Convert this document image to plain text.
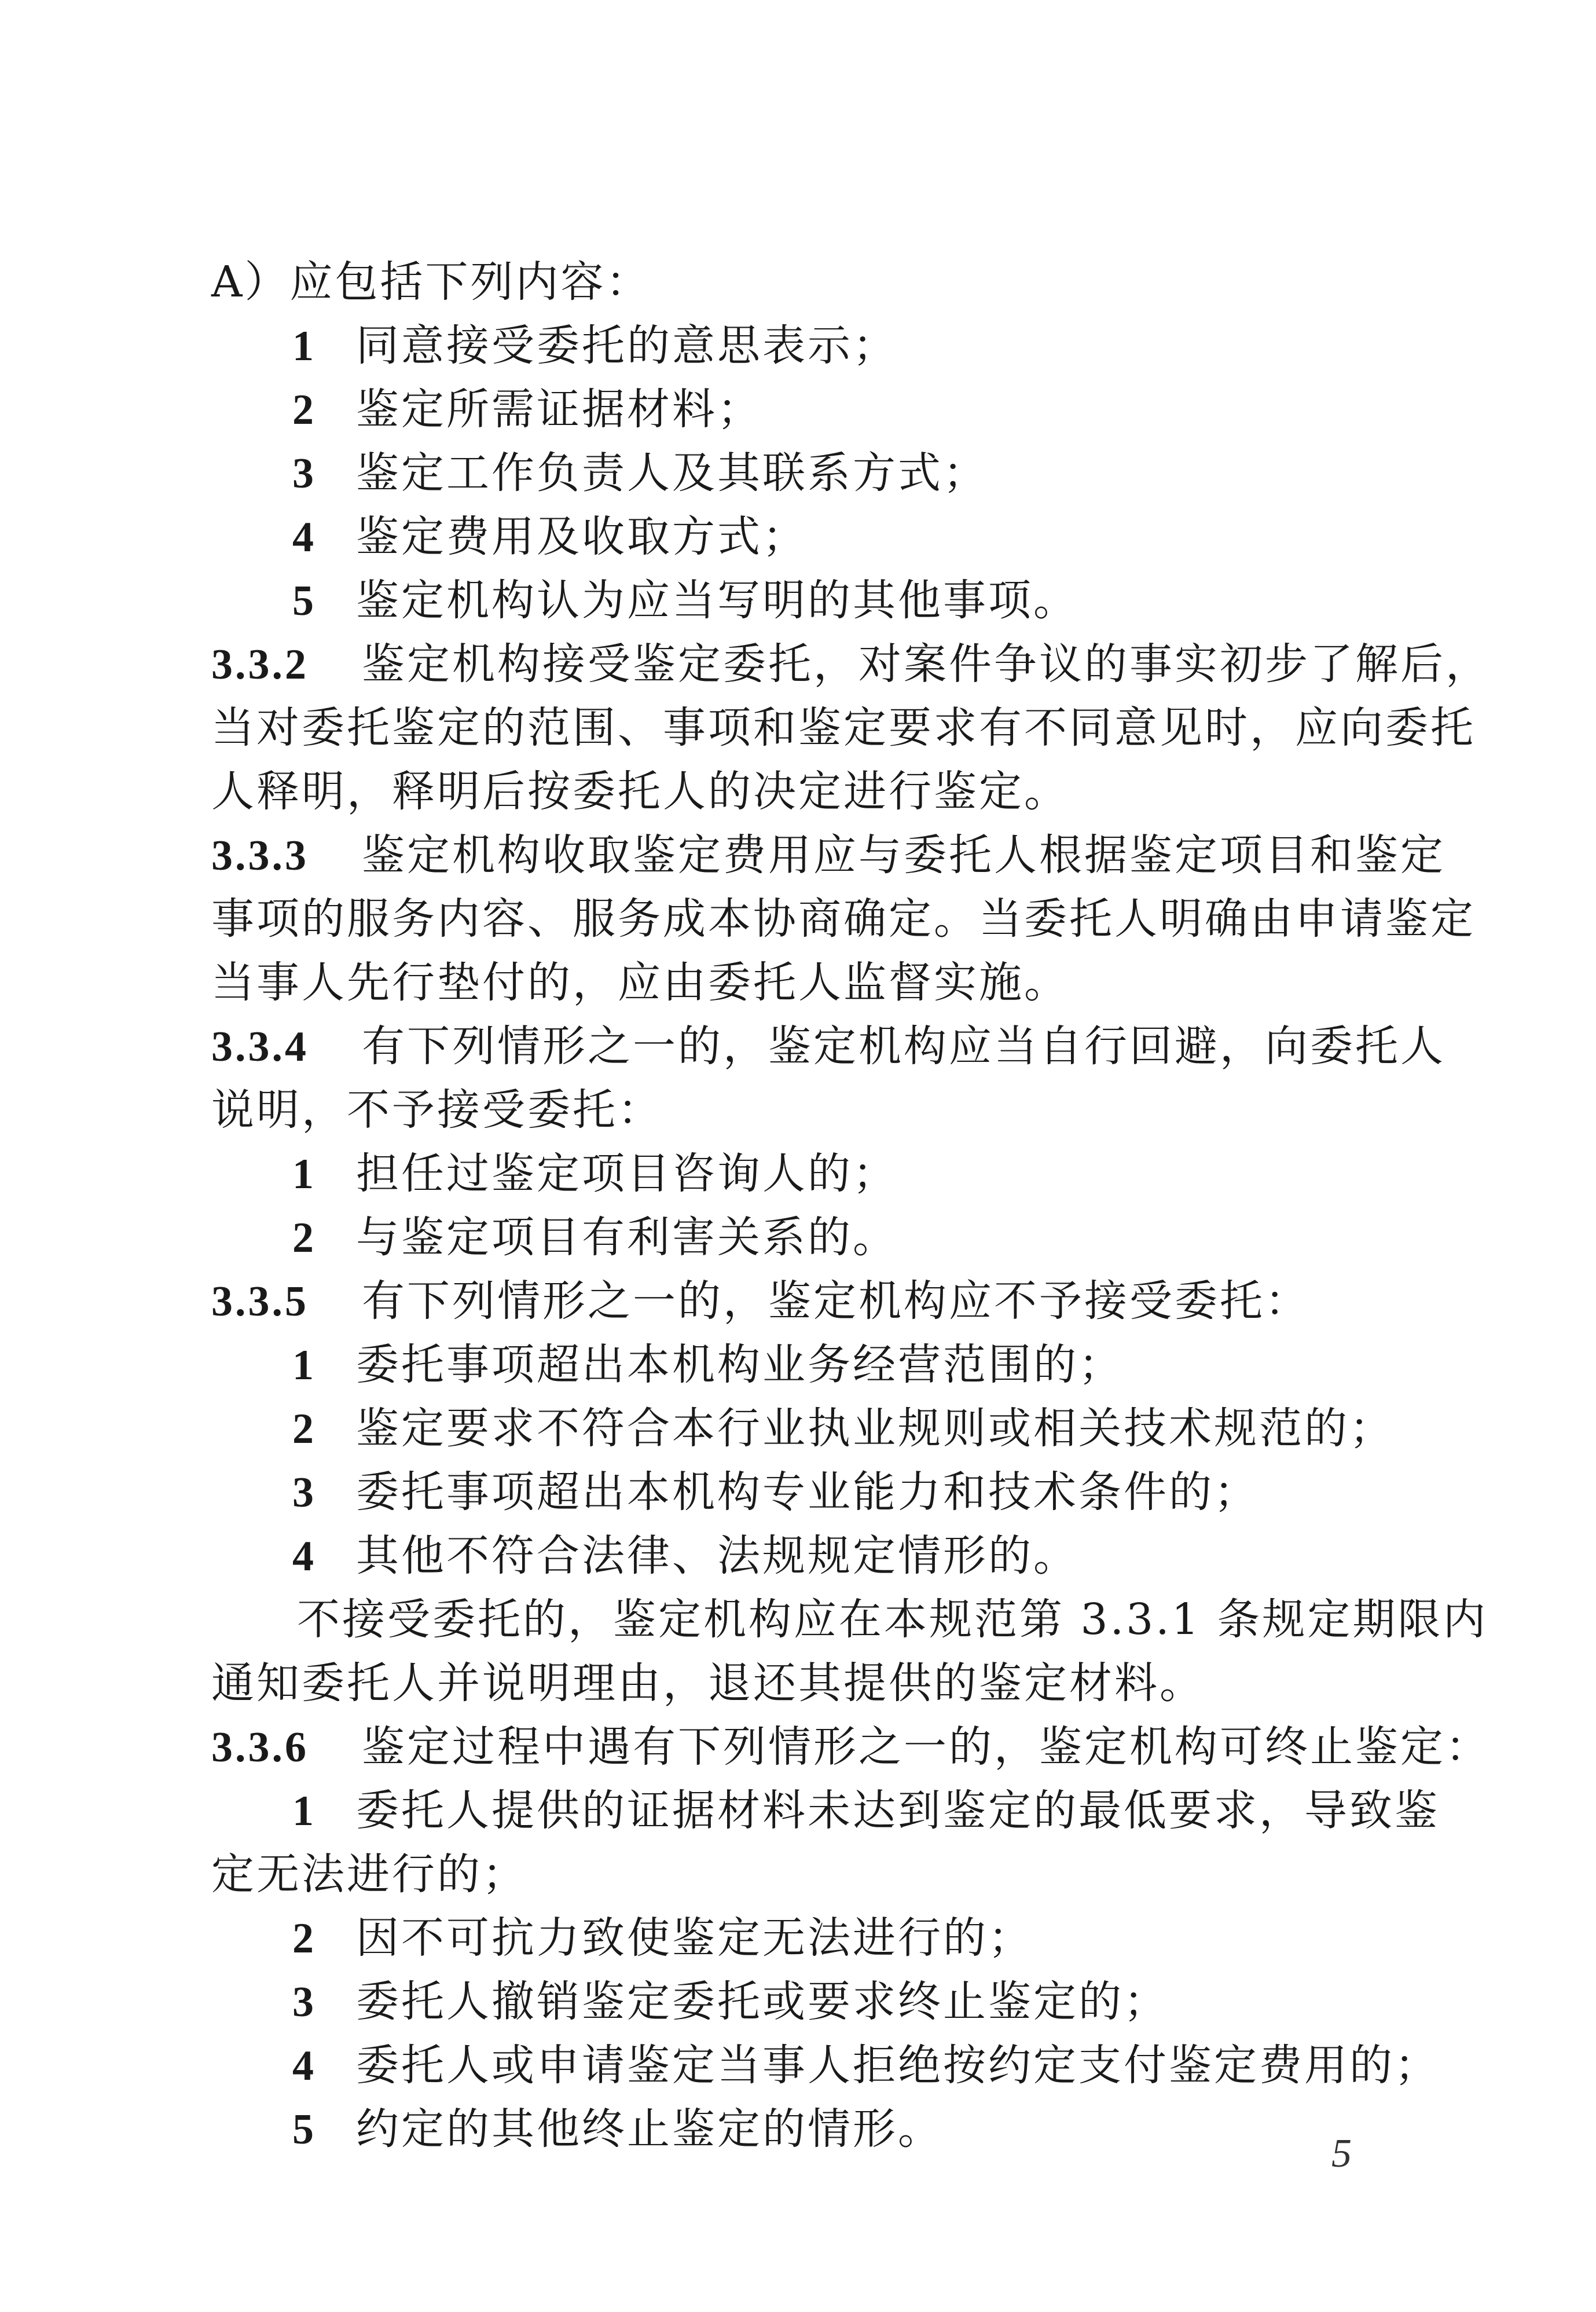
A）应包括下列内容：
1 同意接受委托的意思表示；
2 鉴定所需证据材料；
3 鉴定工作负责人及其联系方式；
4 鉴定费用及收取方式；
5 鉴定机构认为应当写明的其他事项。
3.3.2 鉴定机构接受鉴定委托，对案件争议的事实初步了解后，
当对委托鉴定的范围、事项和鉴定要求有不同意见时，应向委托
人释明，释明后按委托人的决定进行鉴定。
3.3.3 鉴定机构收取鉴定费用应与委托人根据鉴定项目和鉴定
事项的服务内容、服务成本协商确定。当委托人明确由申请鉴定
当事人先行垫付的，应由委托人监督实施。
3.3.4 有下列情形之一的，鉴定机构应当自行回避，向委托人
说明，不予接受委托：
1 担任过鉴定项目咨询人的；
2 与鉴定项目有利害关系的。
3.3.5 有下列情形之一的，鉴定机构应不予接受委托：
1 委托事项超出本机构业务经营范围的；
2 鉴定要求不符合本行业执业规则或相关技术规范的；
3 委托事项超出本机构专业能力和技术条件的；
4 其他不符合法律、法规规定情形的。
不接受委托的，鉴定机构应在本规范第 3.3.1 条规定期限内
通知委托人并说明理由，退还其提供的鉴定材料。
3.3.6 鉴定过程中遇有下列情形之一的，鉴定机构可终止鉴定：
1 委托人提供的证据材料未达到鉴定的最低要求，导致鉴
定无法进行的；
2 因不可抗力致使鉴定无法进行的；
3 委托人撤销鉴定委托或要求终止鉴定的；
4 委托人或申请鉴定当事人拒绝按约定支付鉴定费用的；
5 约定的其他终止鉴定的情形。	5
